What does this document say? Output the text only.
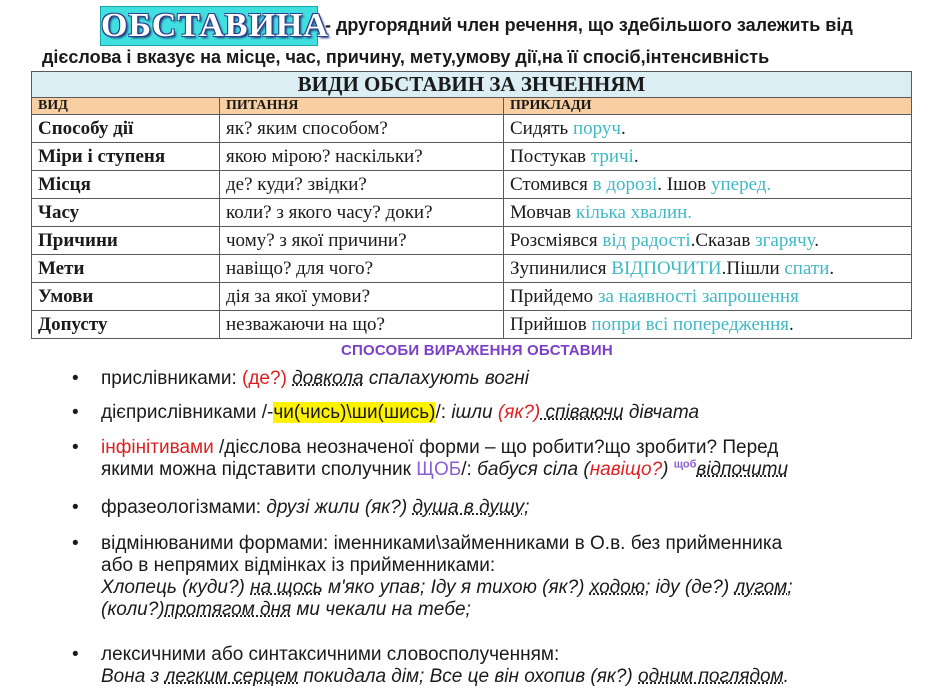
ОБСТАВИНА
- другорядний член речення, що здебільшого залежить від
дієслова і вказує на місце, час, причину, мету,умову дії,на її спосіб,інтенсивність
ВИДИ ОБСТАВИН ЗА ЗНЧЕННЯМ		
ВИД	ПИТАННЯ	ПРИКЛАДИ
Способу дії	як? яким способом?	Сидять поруч.
Міри і ступеня	якою мірою? наскільки?	Постукав тричі.
Місця	де? куди? звідки?	Стомився в дорозі. Ішов уперед.
Часу	коли? з якого часу? доки?	Мовчав кілька хвалин.
Причини	чому? з якої причини?	Розсміявся від радості.Сказав згарячу.
Мети	навіщо? для чого?	Зупинилися ВІДПОЧИТИ.Пішли спати.
Умови	дія за якої умови?	Прийдемо за наявності запрошення
Допусту	незважаючи на що?	Прийшов попри всі попередження.
СПОСОБИ ВИРАЖЕННЯ ОБСТАВИН
• прислівниками: (де?) довкола спалахують вогні
• дієприслівниками /-чи(чись)\ши(шись)/: ішли (як?) співаючи дівчата
• інфінітивами /дієслова неозначеної форми – що робити?що зробити? Перед
якими можна підставити сполучник ЩОБ/: бабуся сіла (навіщо?) $^{щоб}$відпочити
• фразеологізмами: друзі жили (як?) душа в душу;
• відмінюваними формами: іменниками\займенниками в О.в. без прийменника
або в непрямих відмінках із прийменниками:
Хлопець (куди?) на щось м'яко упав; Іду я тихою (як?) ходою; іду (де?) лугом;
(коли?)протягом дня ми чекали на тебе;
• лексичними або синтаксичними словосполученням:
Вона з легким серцем покидала дім; Все це він охопив (як?) одним поглядом.
